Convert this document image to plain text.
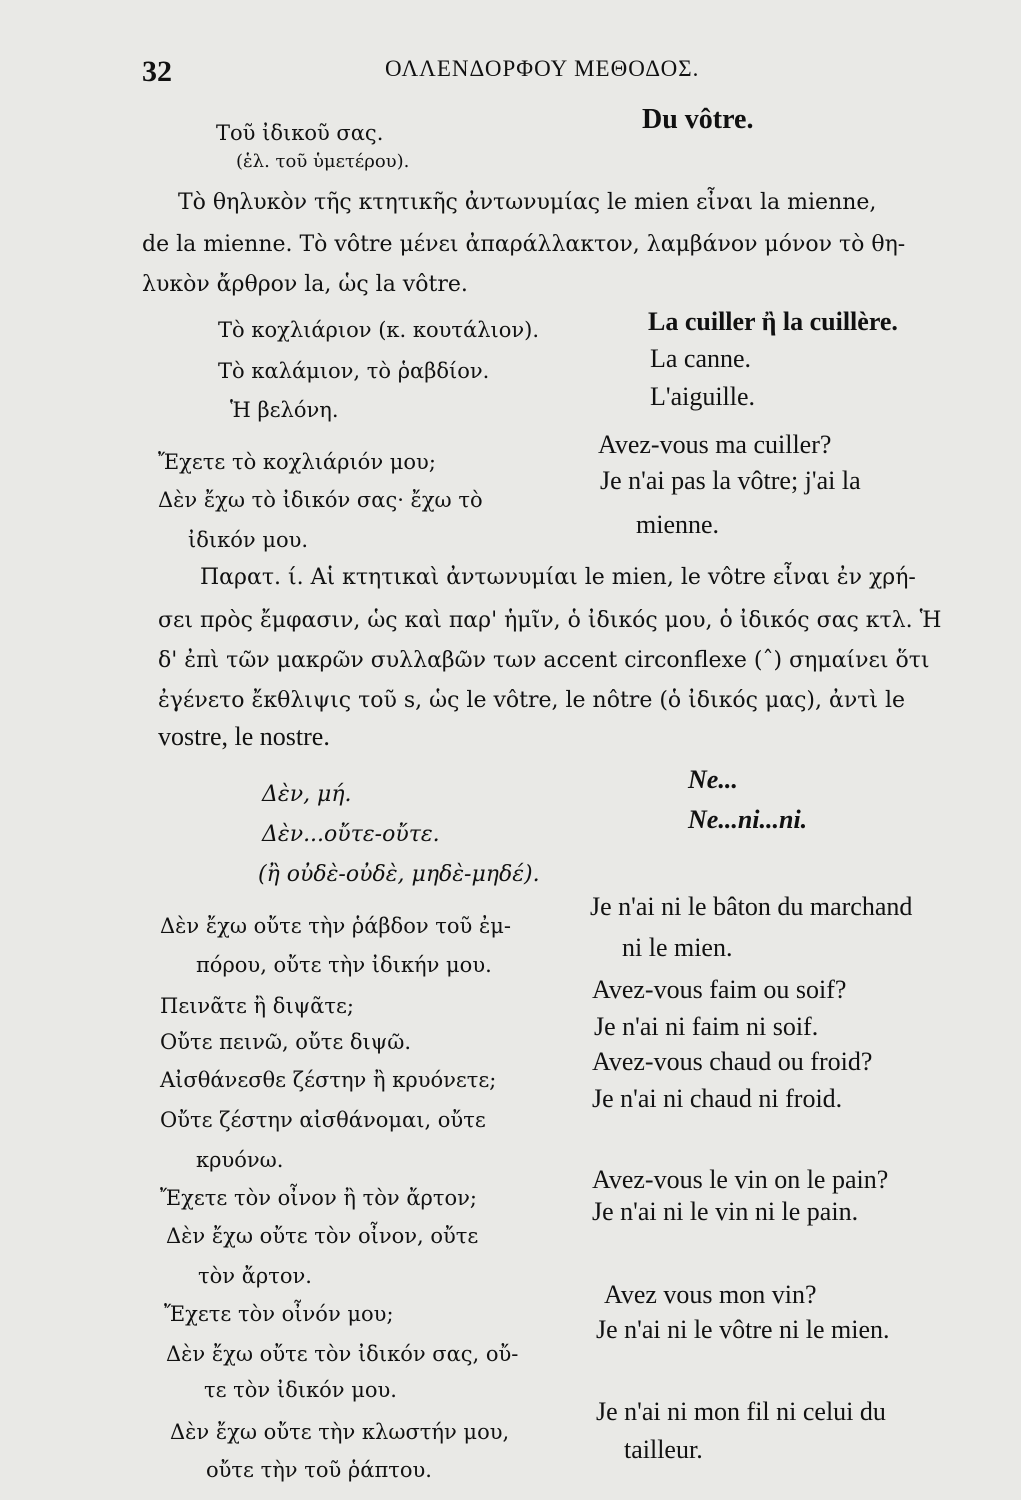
32	ΟΛΛΕΝΔΟΡΦΟΥ ΜΕΘΟΔΟΣ.
Τοῦ ἰδικοῦ σας.	Du vôtre.
(ἑλ. τοῦ ὑμετέρου).
Τὸ θηλυκὸν τῆς κτητικῆς ἀντωνυμίας le mien εἶναι la mienne,
de la mienne. Τὸ vôtre μένει ἀπαράλλακτον, λαμβάνον μόνον τὸ θη-
λυκὸν ἄρθρον la, ὡς la vôtre.
Τὸ κοχλιάριον (κ. κουτάλιον).	La cuiller ἢ la cuillère.
Τὸ καλάμιον, τὸ ῥαβδίον.	La canne.
Ἡ βελόνη.	L'aiguille.
Ἔχετε τὸ κοχλιάριόν μου;
Avez-vous ma cuiller?
Δὲν ἔχω τὸ ἰδικόν σας· ἔχω τὸ
Je n'ai pas la vôtre; j'ai la
ἰδικόν μου.
mienne.
Παρατ. ί. Αἱ κτητικαὶ ἀντωνυμίαι le mien, le vôtre εἶναι ἐν χρή-
σει πρὸς ἔμφασιν, ὡς καὶ παρ' ἡμῖν, ὁ ἰδικός μου, ὁ ἰδικός σας κτλ. Ἡ
δ' ἐπὶ τῶν μακρῶν συλλαβῶν των accent circonflexe (ˆ) σημαίνει ὅτι
ἐγένετο ἔκθλιψις τοῦ s, ὡς le vôtre, le nôtre (ὁ ἰδικός μας), ἀντὶ le
vostre, le nostre.
Δὲν, μή.
Ne...
Δὲν...οὔτε-οὔτε.
Ne...ni...ni.
(ἢ οὐδὲ-οὐδὲ, μηδὲ-μηδέ).
Δὲν ἔχω οὔτε τὴν ῥάβδον τοῦ ἐμ-
Je n'ai ni le bâton du marchand
πόρου, οὔτε τὴν ἰδικήν μου.
ni le mien.
Πεινᾶτε ἢ διψᾶτε;
Avez-vous faim ou soif?
Οὔτε πεινῶ, οὔτε διψῶ.
Je n'ai ni faim ni soif.
Αἰσθάνεσθε ζέστην ἢ κρυόνετε;
Avez-vous chaud ou froid?
Οὔτε ζέστην αἰσθάνομαι, οὔτε
Je n'ai ni chaud ni froid.
κρυόνω.
Ἔχετε τὸν οἶνον ἢ τὸν ἄρτον;
Avez-vous le vin on le pain?
Δὲν ἔχω οὔτε τὸν οἶνον, οὔτε
Je n'ai ni le vin ni le pain.
τὸν ἄρτον.
Ἔχετε τὸν οἶνόν μου;
Avez vous mon vin?
Δὲν ἔχω οὔτε τὸν ἰδικόν σας, οὔ-
Je n'ai ni le vôtre ni le mien.
τε τὸν ἰδικόν μου.
Δὲν ἔχω οὔτε τὴν κλωστήν μου,
Je n'ai ni mon fil ni celui du
οὔτε τὴν τοῦ ῥάπτου.
tailleur.
